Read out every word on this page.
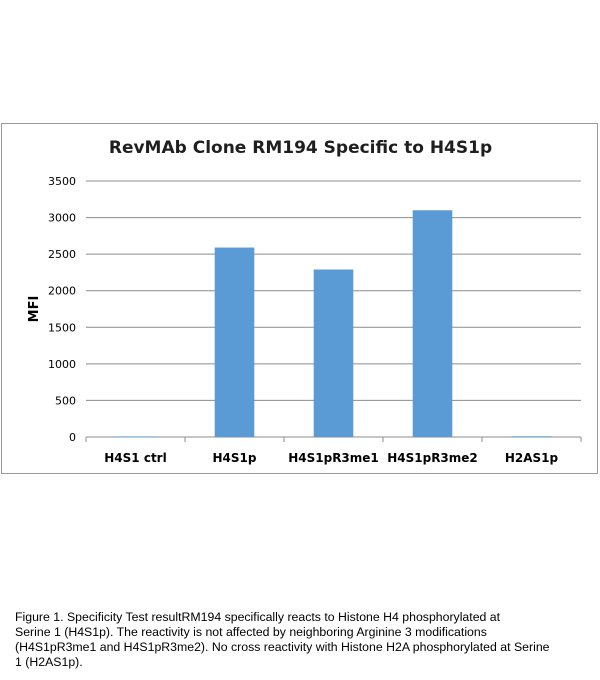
RevMAb Clone RM194 Specific to H4S1p
0
500
1000
1500
2000
2500
3000
3500
H4S1 ctrl	H4S1p	H4S1pR3me1 H4S1pR3me2 H2AS1p
MFI
Figure 1. Specificity Test resultRM194 specifically reacts to Histone H4 phosphorylated at
Serine 1 (H4S1p). The reactivity is not affected by neighboring Arginine 3 modifications
(H4S1pR3me1 and H4S1pR3me2). No cross reactivity with Histone H2A phosphorylated at Serine
1 (H2AS1p).
